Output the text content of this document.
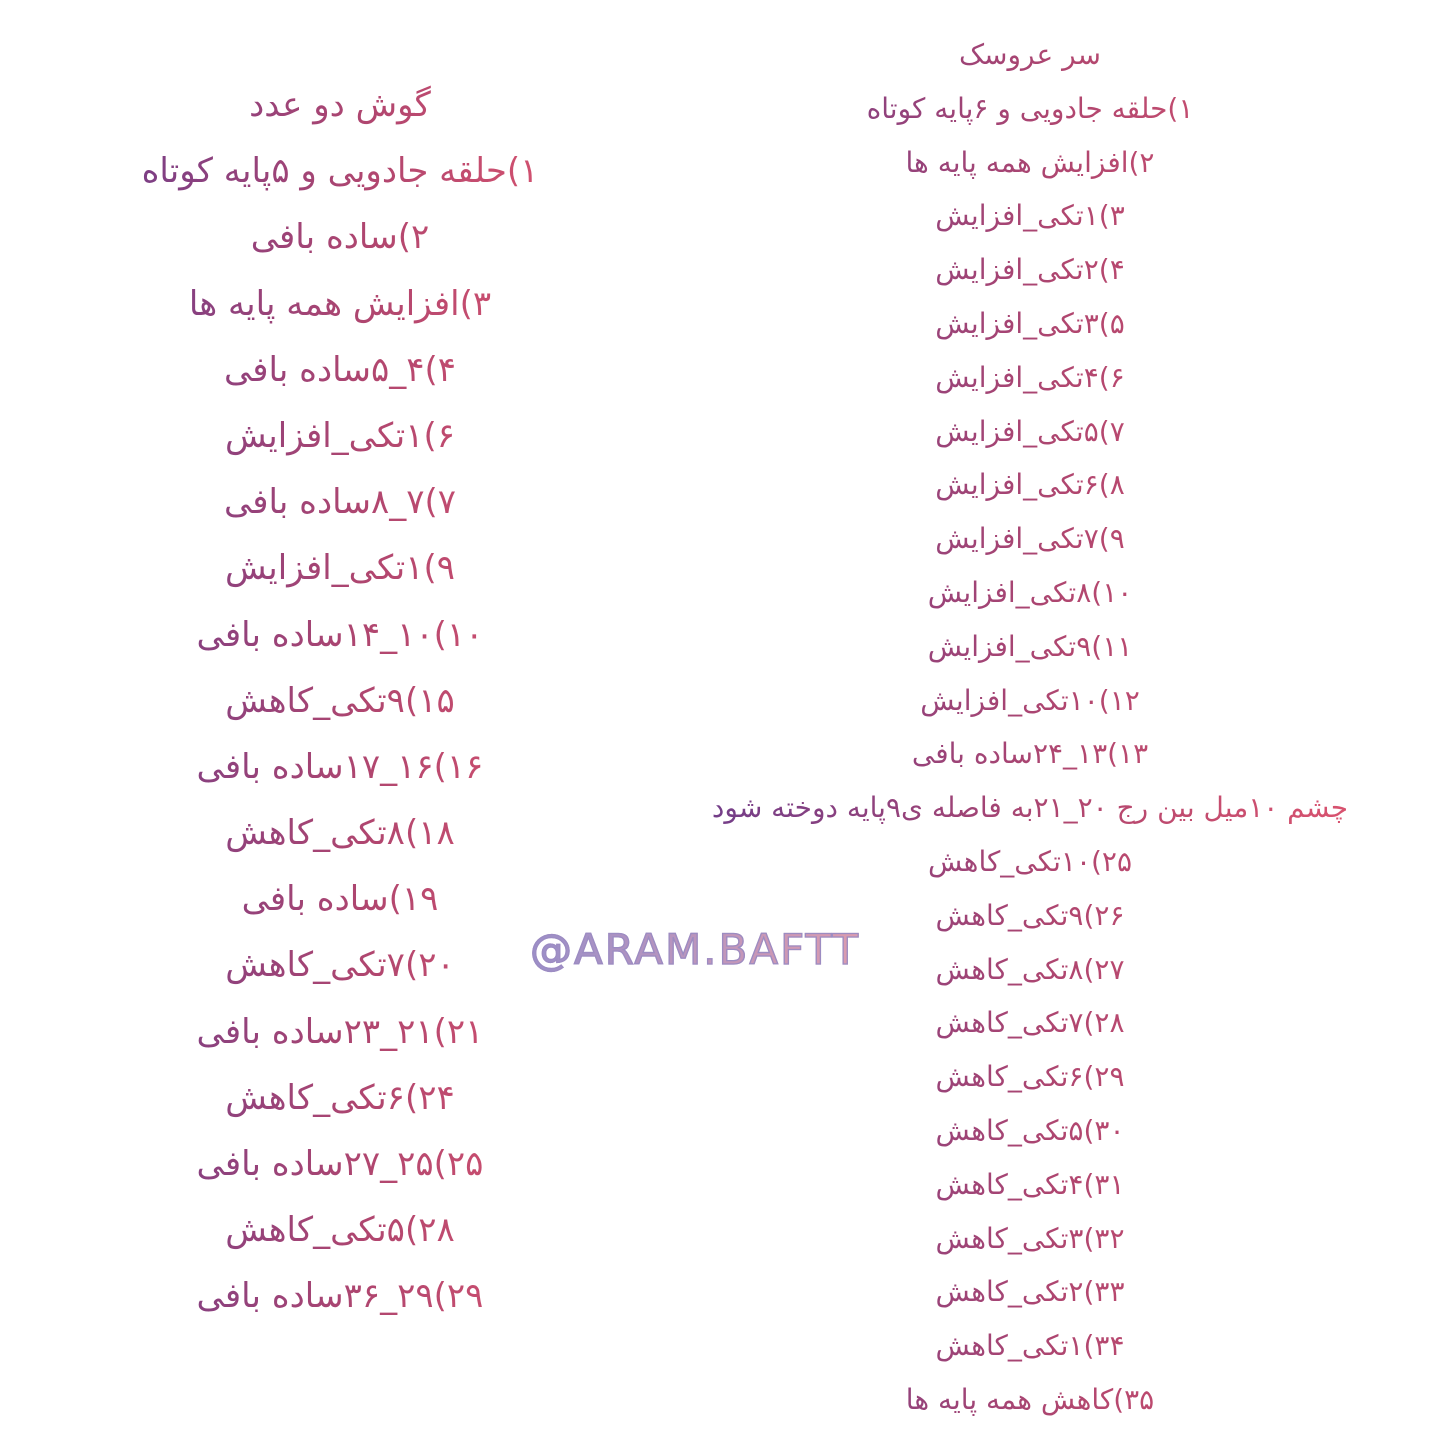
گوش دو عدد
۱)حلقه جادویی و ۵پایه کوتاه
۲)ساده بافی
۳)افزایش همه پایه ها
۴)۴_۵ساده بافی
۶)۱تکی_افزایش
۷)۷_۸ساده بافی
۹)۱تکی_افزایش
۱۰)۱۰_۱۴ساده بافی
۱۵)۹تکی_کاهش
۱۶)۱۶_۱۷ساده بافی
۱۸)۸تکی_کاهش
۱۹)ساده بافی
۲۰)۷تکی_کاهش
۲۱)۲۱_۲۳ساده بافی
۲۴)۶تکی_کاهش
۲۵)۲۵_۲۷ساده بافی
۲۸)۵تکی_کاهش
۲۹)۲۹_۳۶ساده بافی
سر عروسک
۱)حلقه جادویی و ۶پایه کوتاه
۲)افزایش همه پایه ها
۳)۱تکی_افزایش
۴)۲تکی_افزایش
۵)۳تکی_افزایش
۶)۴تکی_افزایش
۷)۵تکی_افزایش
۸)۶تکی_افزایش
۹)۷تکی_افزایش
۱۰)۸تکی_افزایش
۱۱)۹تکی_افزایش
۱۲)۱۰تکی_افزایش
۱۳)۱۳_۲۴ساده بافی
چشم ۱۰میل بین رج ۲۰_۲۱به فاصله ی۹پایه دوخته شود
۲۵)۱۰تکی_کاهش
۲۶)۹تکی_کاهش
۲۷)۸تکی_کاهش
۲۸)۷تکی_کاهش
۲۹)۶تکی_کاهش
۳۰)۵تکی_کاهش
۳۱)۴تکی_کاهش
۳۲)۳تکی_کاهش
۳۳)۲تکی_کاهش
۳۴)۱تکی_کاهش
۳۵)کاهش همه پایه ها
@ARAM.BAFTT
